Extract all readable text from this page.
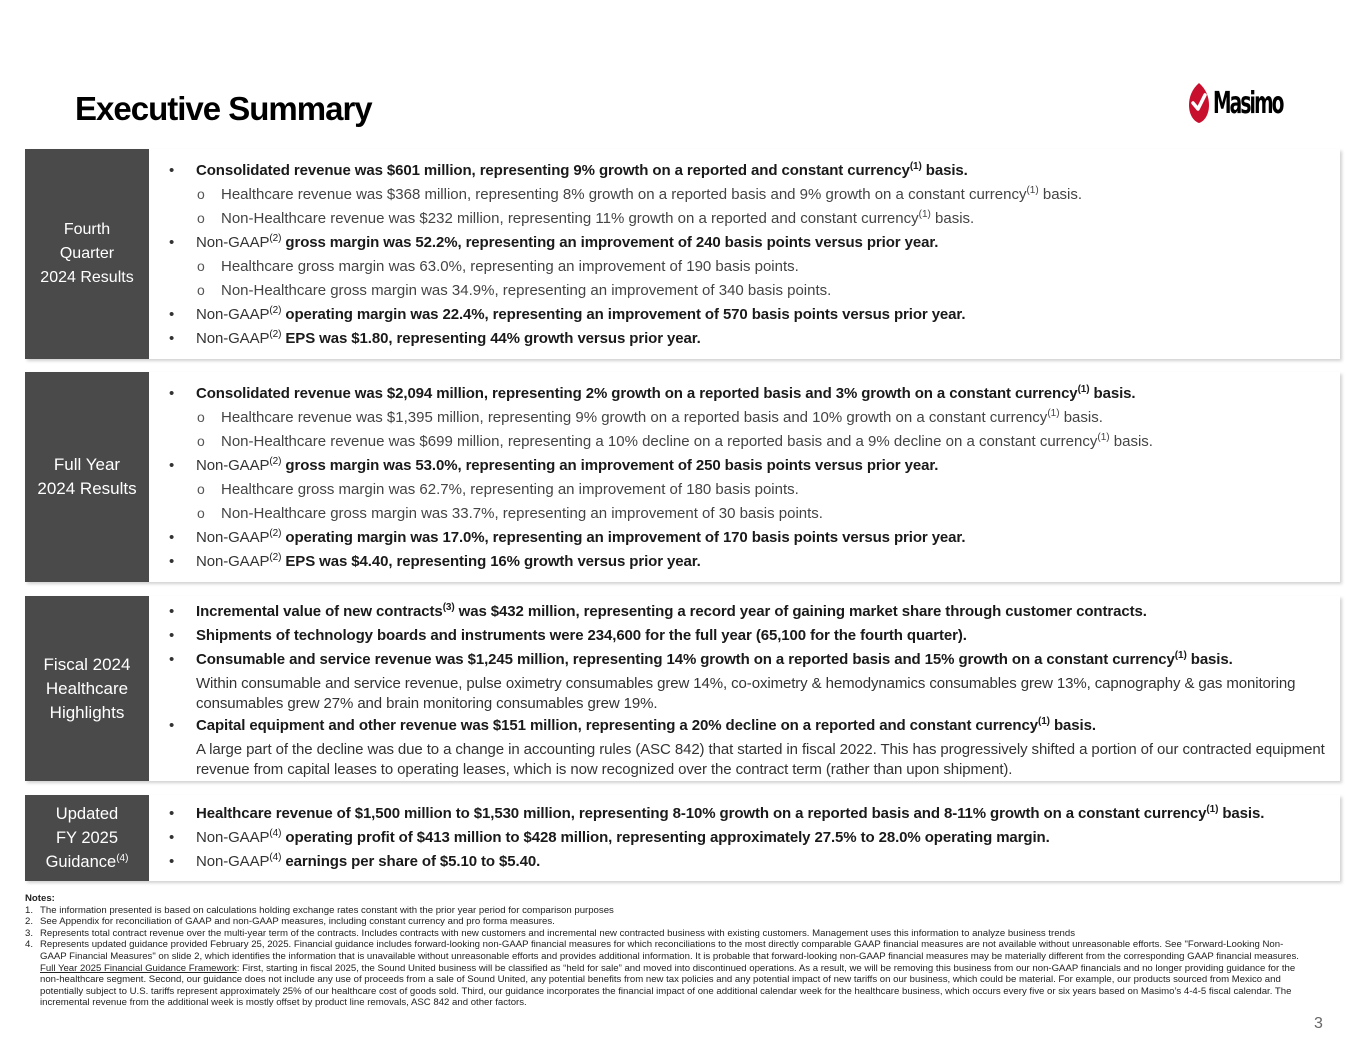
Executive Summary	Masimo
Fourth
Quarter
2024 Results
• Consolidated revenue was $601 million, representing 9% growth on a reported and constant currency$^{(1)}$ basis.
o Healthcare revenue was $368 million, representing 8% growth on a reported basis and 9% growth on a constant currency$^{(1)}$ basis.
o Non-Healthcare revenue was $232 million, representing 11% growth on a reported and constant currency$^{(1)}$ basis.
• Non-GAAP$^{(2)}$ gross margin was 52.2%, representing an improvement of 240 basis points versus prior year.
o Healthcare gross margin was 63.0%, representing an improvement of 190 basis points.
o Non-Healthcare gross margin was 34.9%, representing an improvement of 340 basis points.
• Non-GAAP$^{(2)}$ operating margin was 22.4%, representing an improvement of 570 basis points versus prior year.
• Non-GAAP$^{(2)}$ EPS was $1.80, representing 44% growth versus prior year.
Full Year
2024 Results
• Consolidated revenue was $2,094 million, representing 2% growth on a reported basis and 3% growth on a constant currency$^{(1)}$ basis.
o Healthcare revenue was $1,395 million, representing 9% growth on a reported basis and 10% growth on a constant currency$^{(1)}$ basis.
o Non-Healthcare revenue was $699 million, representing a 10% decline on a reported basis and a 9% decline on a constant currency$^{(1)}$ basis.
• Non-GAAP$^{(2)}$ gross margin was 53.0%, representing an improvement of 250 basis points versus prior year.
o Healthcare gross margin was 62.7%, representing an improvement of 180 basis points.
o Non-Healthcare gross margin was 33.7%, representing an improvement of 30 basis points.
• Non-GAAP$^{(2)}$ operating margin was 17.0%, representing an improvement of 170 basis points versus prior year.
• Non-GAAP$^{(2)}$ EPS was $4.40, representing 16% growth versus prior year.
Fiscal 2024
Healthcare
Highlights
• Incremental value of new contracts$^{(3)}$ was $432 million, representing a record year of gaining market share through customer contracts.
• Shipments of technology boards and instruments were 234,600 for the full year (65,100 for the fourth quarter).
• Consumable and service revenue was $1,245 million, representing 14% growth on a reported basis and 15% growth on a constant currency$^{(1)}$ basis.
Within consumable and service revenue, pulse oximetry consumables grew 14%, co-oximetry & hemodynamics consumables grew 13%, capnography & gas monitoring consumables grew 27% and brain monitoring consumables grew 19%.
• Capital equipment and other revenue was $151 million, representing a 20% decline on a reported and constant currency$^{(1)}$ basis.
A large part of the decline was due to a change in accounting rules (ASC 842) that started in fiscal 2022. This has progressively shifted a portion of our contracted equipment revenue from capital leases to operating leases, which is now recognized over the contract term (rather than upon shipment).
Updated
FY 2025
Guidance$^{(4)}$
• Healthcare revenue of $1,500 million to $1,530 million, representing 8-10% growth on a reported basis and 8-11% growth on a constant currency$^{(1)}$ basis.
• Non-GAAP$^{(4)}$ operating profit of $413 million to $428 million, representing approximately 27.5% to 28.0% operating margin.
• Non-GAAP$^{(4)}$ earnings per share of $5.10 to $5.40.
Notes:
1. The information presented is based on calculations holding exchange rates constant with the prior year period for comparison purposes
2. See Appendix for reconciliation of GAAP and non-GAAP measures, including constant currency and pro forma measures.
3. Represents total contract revenue over the multi-year term of the contracts. Includes contracts with new customers and incremental new contracted business with existing customers. Management uses this information to analyze business trends
4. Represents updated guidance provided February 25, 2025. Financial guidance includes forward-looking non-GAAP financial measures for which reconciliations to the most directly comparable GAAP financial measures are not available without unreasonable efforts. See "Forward-Looking Non-GAAP Financial Measures" on slide 2, which identifies the information that is unavailable without unreasonable efforts and provides additional information. It is probable that forward-looking non-GAAP financial measures may be materially different from the corresponding GAAP financial measures. Full Year 2025 Financial Guidance Framework: First, starting in fiscal 2025, the Sound United business will be classified as “held for sale” and moved into discontinued operations. As a result, we will be removing this business from our non-GAAP financials and no longer providing guidance for the non-healthcare segment. Second, our guidance does not include any use of proceeds from a sale of Sound United, any potential benefits from new tax policies and any potential impact of new tariffs on our business, which could be material. For example, our products sourced from Mexico and potentially subject to U.S. tariffs represent approximately 25% of our healthcare cost of goods sold. Third, our guidance incorporates the financial impact of one additional calendar week for the healthcare business, which occurs every five or six years based on Masimo’s 4-4-5 fiscal calendar. The incremental revenue from the additional week is mostly offset by product line removals, ASC 842 and other factors.
3
